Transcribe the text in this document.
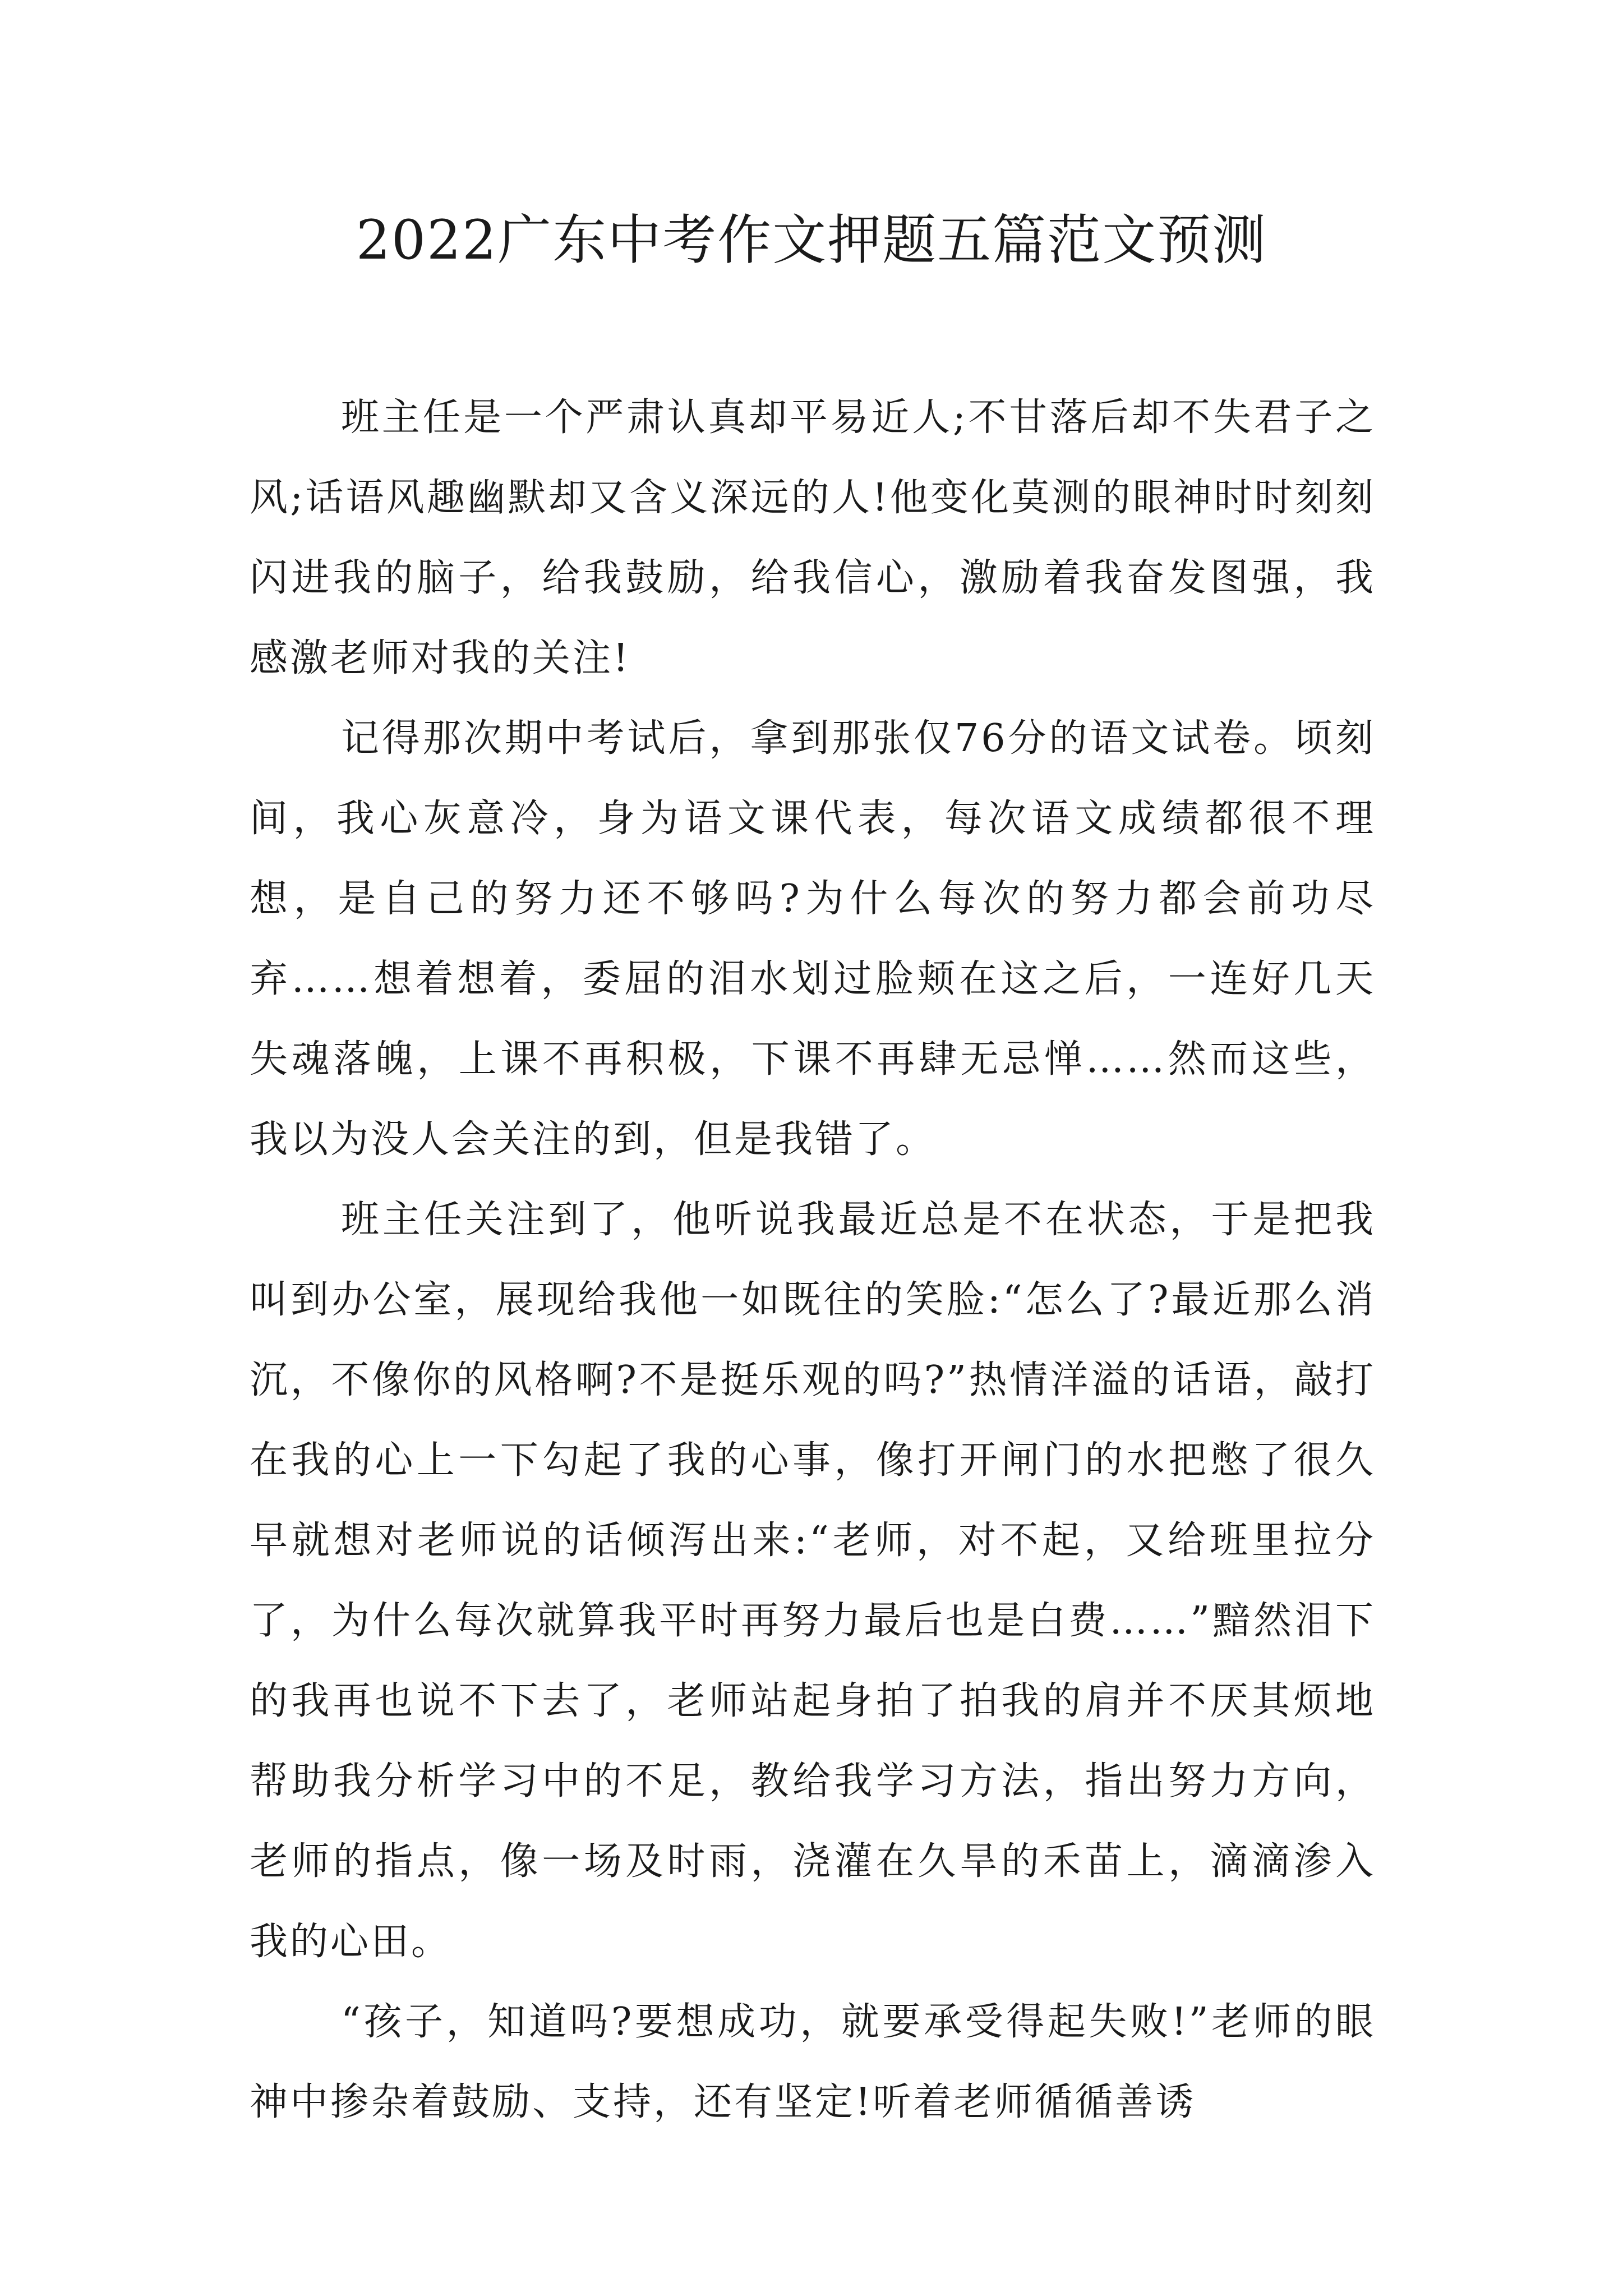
2022广东中考作文押题五篇范文预测

班主任是一个严肃认真却平易近人;不甘落后却不失君子之风;话语风趣幽默却又含义深远的人!他变化莫测的眼神时时刻刻闪进我的脑子，给我鼓励，给我信心，激励着我奋发图强，我感激老师对我的关注!

记得那次期中考试后，拿到那张仅76分的语文试卷。顷刻间，我心灰意冷，身为语文课代表，每次语文成绩都很不理想，是自己的努力还不够吗?为什么每次的努力都会前功尽弃……想着想着，委屈的泪水划过脸颊在这之后，一连好几天失魂落魄，上课不再积极，下课不再肆无忌惮……然而这些，我以为没人会关注的到，但是我错了。

班主任关注到了，他听说我最近总是不在状态，于是把我叫到办公室，展现给我他一如既往的笑脸:“怎么了?最近那么消沉，不像你的风格啊?不是挺乐观的吗?”热情洋溢的话语，敲打在我的心上一下勾起了我的心事，像打开闸门的水把憋了很久早就想对老师说的话倾泻出来:“老师，对不起，又给班里拉分了，为什么每次就算我平时再努力最后也是白费……”黯然泪下的我再也说不下去了，老师站起身拍了拍我的肩并不厌其烦地帮助我分析学习中的不足，教给我学习方法，指出努力方向，老师的指点，像一场及时雨，浇灌在久旱的禾苗上，滴滴渗入我的心田。

“孩子，知道吗?要想成功，就要承受得起失败!”老师的眼神中掺杂着鼓励、支持，还有坚定!听着老师循循善诱
